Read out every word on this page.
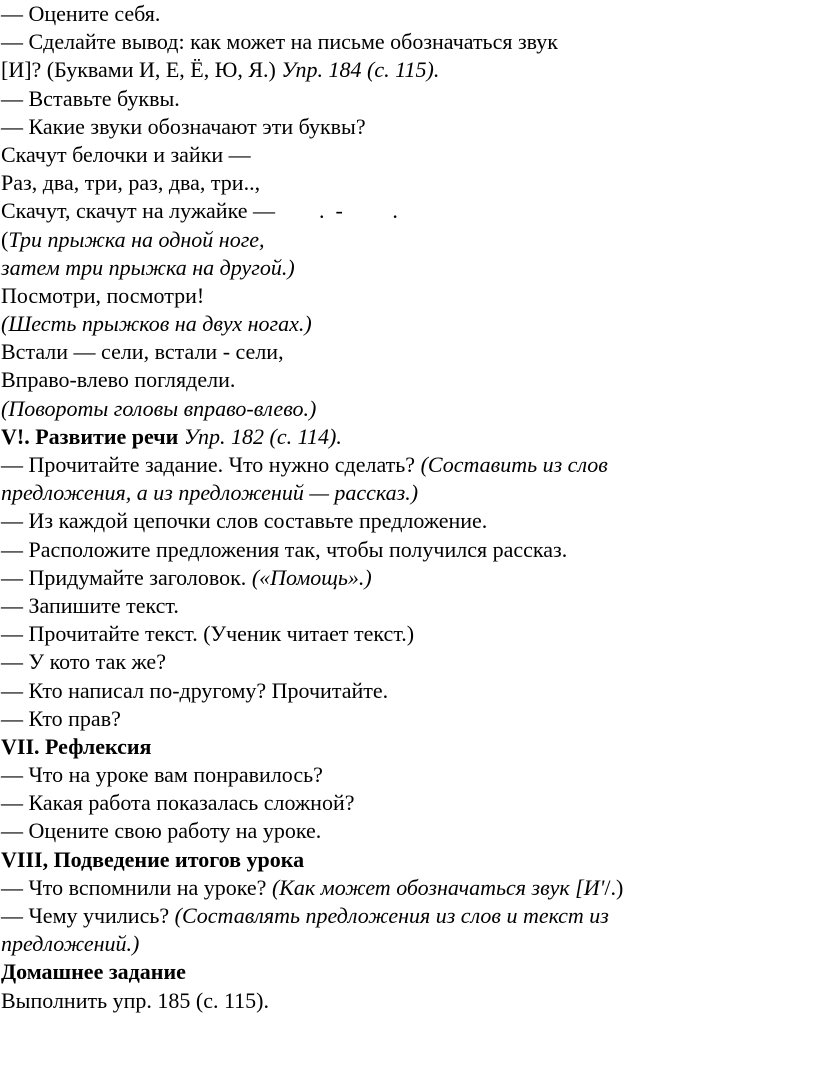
— Оцените себя.
— Сделайте вывод: как может на письме обозначаться звук
[И]? (Буквами И, Е, Ё, Ю, Я.) Упр. 184 (с. 115).
— Вставьте буквы.
— Какие звуки обозначают эти буквы?
Скачут белочки и зайки —
Раз, два, три, раз, два, три..,
Скачут, скачут на лужайке —        .  -         .
(Три прыжка на одной ноге,
затем три прыжка на другой.)
Посмотри, посмотри!
(Шесть прыжков на двух ногах.)
Встали — сели, встали - сели,
Вправо-влево поглядели.
(Повороты головы вправо-влево.)
V!. Развитие речи Упр. 182 (с. 114).
— Прочитайте задание. Что нужно сделать? (Составить из слов
предложения, а из предложений — рассказ.)
— Из каждой цепочки слов составьте предложение.
— Расположите предложения так, чтобы получился рассказ.
— Придумайте заголовок. («Помощь».)
— Запишите текст.
— Прочитайте текст. (Ученик читает текст.)
— У кото так же?
— Кто написал по-другому? Прочитайте.
— Кто прав?
VII. Рефлексия
— Что на уроке вам понравилось?
— Какая работа показалась сложной?
— Оцените свою работу на уроке.
VIII, Подведение итогов урока
— Что вспомнили на уроке? (Как может обозначаться звук [И'/.)
— Чему учились? (Составлять предложения из слов и текст из
предложений.)
Домашнее задание
Выполнить упр. 185 (с. 115).
